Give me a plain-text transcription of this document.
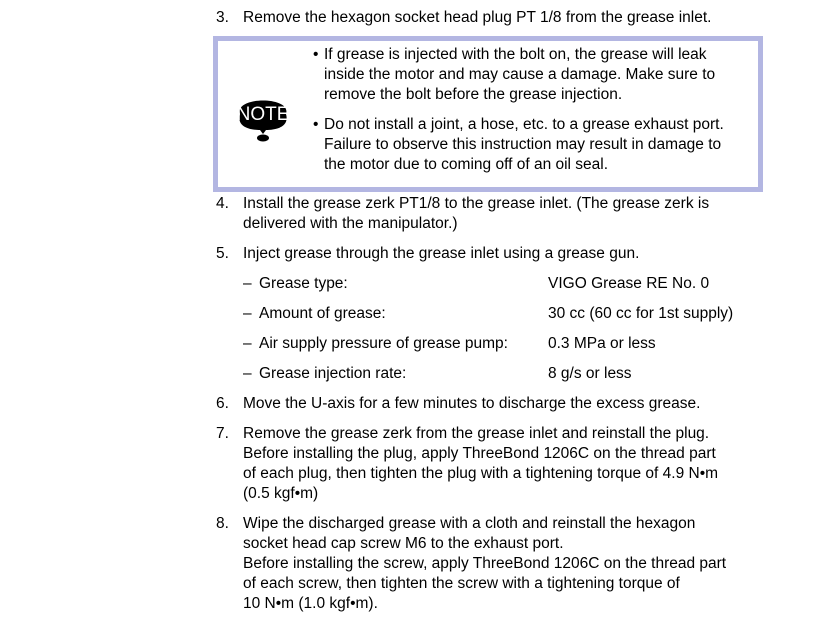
3. Remove the hexagon socket head plug PT 1/8 from the grease inlet.

NOTE
• If grease is injected with the bolt on, the grease will leak

inside the motor and may cause a damage. Make sure to

remove the bolt before the grease injection.

• Do not install a joint, a hose, etc. to a grease exhaust port.

Failure to observe this instruction may result in damage to

the motor due to coming off of an oil seal.

4. Install the grease zerk PT1/8 to the grease inlet. (The grease zerk is

delivered with the manipulator.)

5. Inject grease through the grease inlet using a grease gun.

– Grease type:	VIGO Grease RE No. 0
– Amount of grease:	30 cc (60 cc for 1st supply)
– Air supply pressure of grease pump:	0.3 MPa or less
– Grease injection rate:	8 g/s or less
6. Move the U-axis for a few minutes to discharge the excess grease.

7. Remove the grease zerk from the grease inlet and reinstall the plug.

Before installing the plug, apply ThreeBond 1206C on the thread part

of each plug, then tighten the plug with a tightening torque of 4.9 N•m

(0.5 kgf•m)

8. Wipe the discharged grease with a cloth and reinstall the hexagon

socket head cap screw M6 to the exhaust port.

Before installing the screw, apply ThreeBond 1206C on the thread part

of each screw, then tighten the screw with a tightening torque of

10 N•m (1.0 kgf•m).
